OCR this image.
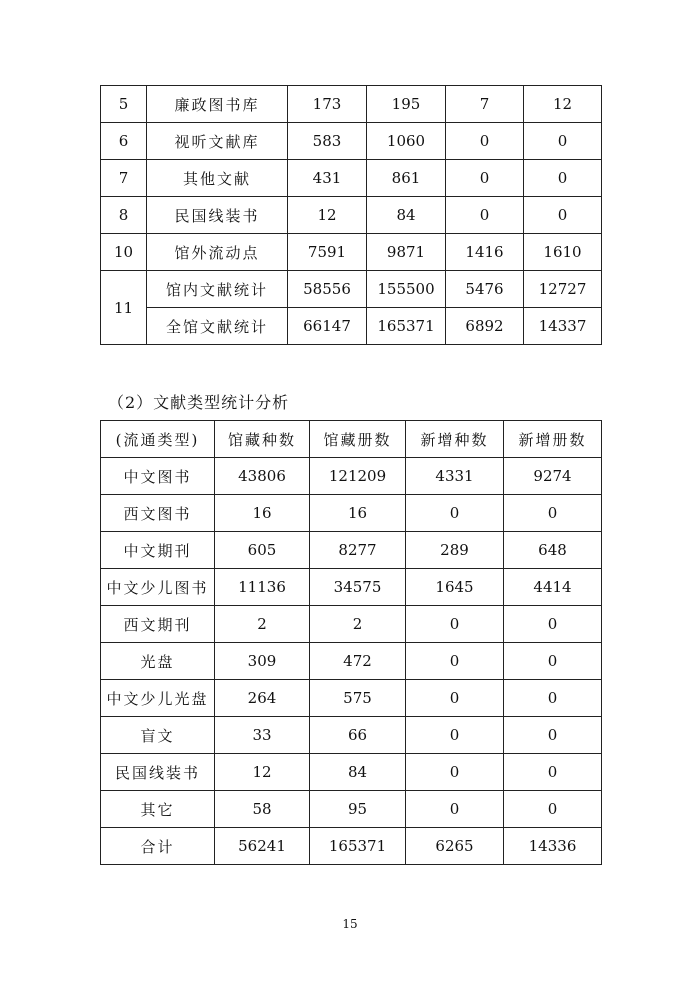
5	廉政图书库	173	195	7	12
6	视听文献库	583	1060	0	0
7	其他文献	431	861	0	0
8	民国线装书	12	84	0	0
10	馆外流动点	7591	9871	1416	1610
11	馆内文献统计	58556	155500	5476	12727
	全馆文献统计	66147	165371	6892	14337
（2）文献类型统计分析
(流通类型)	馆藏种数	馆藏册数	新增种数	新增册数
中文图书	43806	121209	4331	9274
西文图书	16	16	0	0
中文期刊	605	8277	289	648
中文少儿图书	11136	34575	1645	4414
西文期刊	2	2	0	0
光盘	309	472	0	0
中文少儿光盘	264	575	0	0
盲文	33	66	0	0
民国线装书	12	84	0	0
其它	58	95	0	0
合计	56241	165371	6265	14336
15
